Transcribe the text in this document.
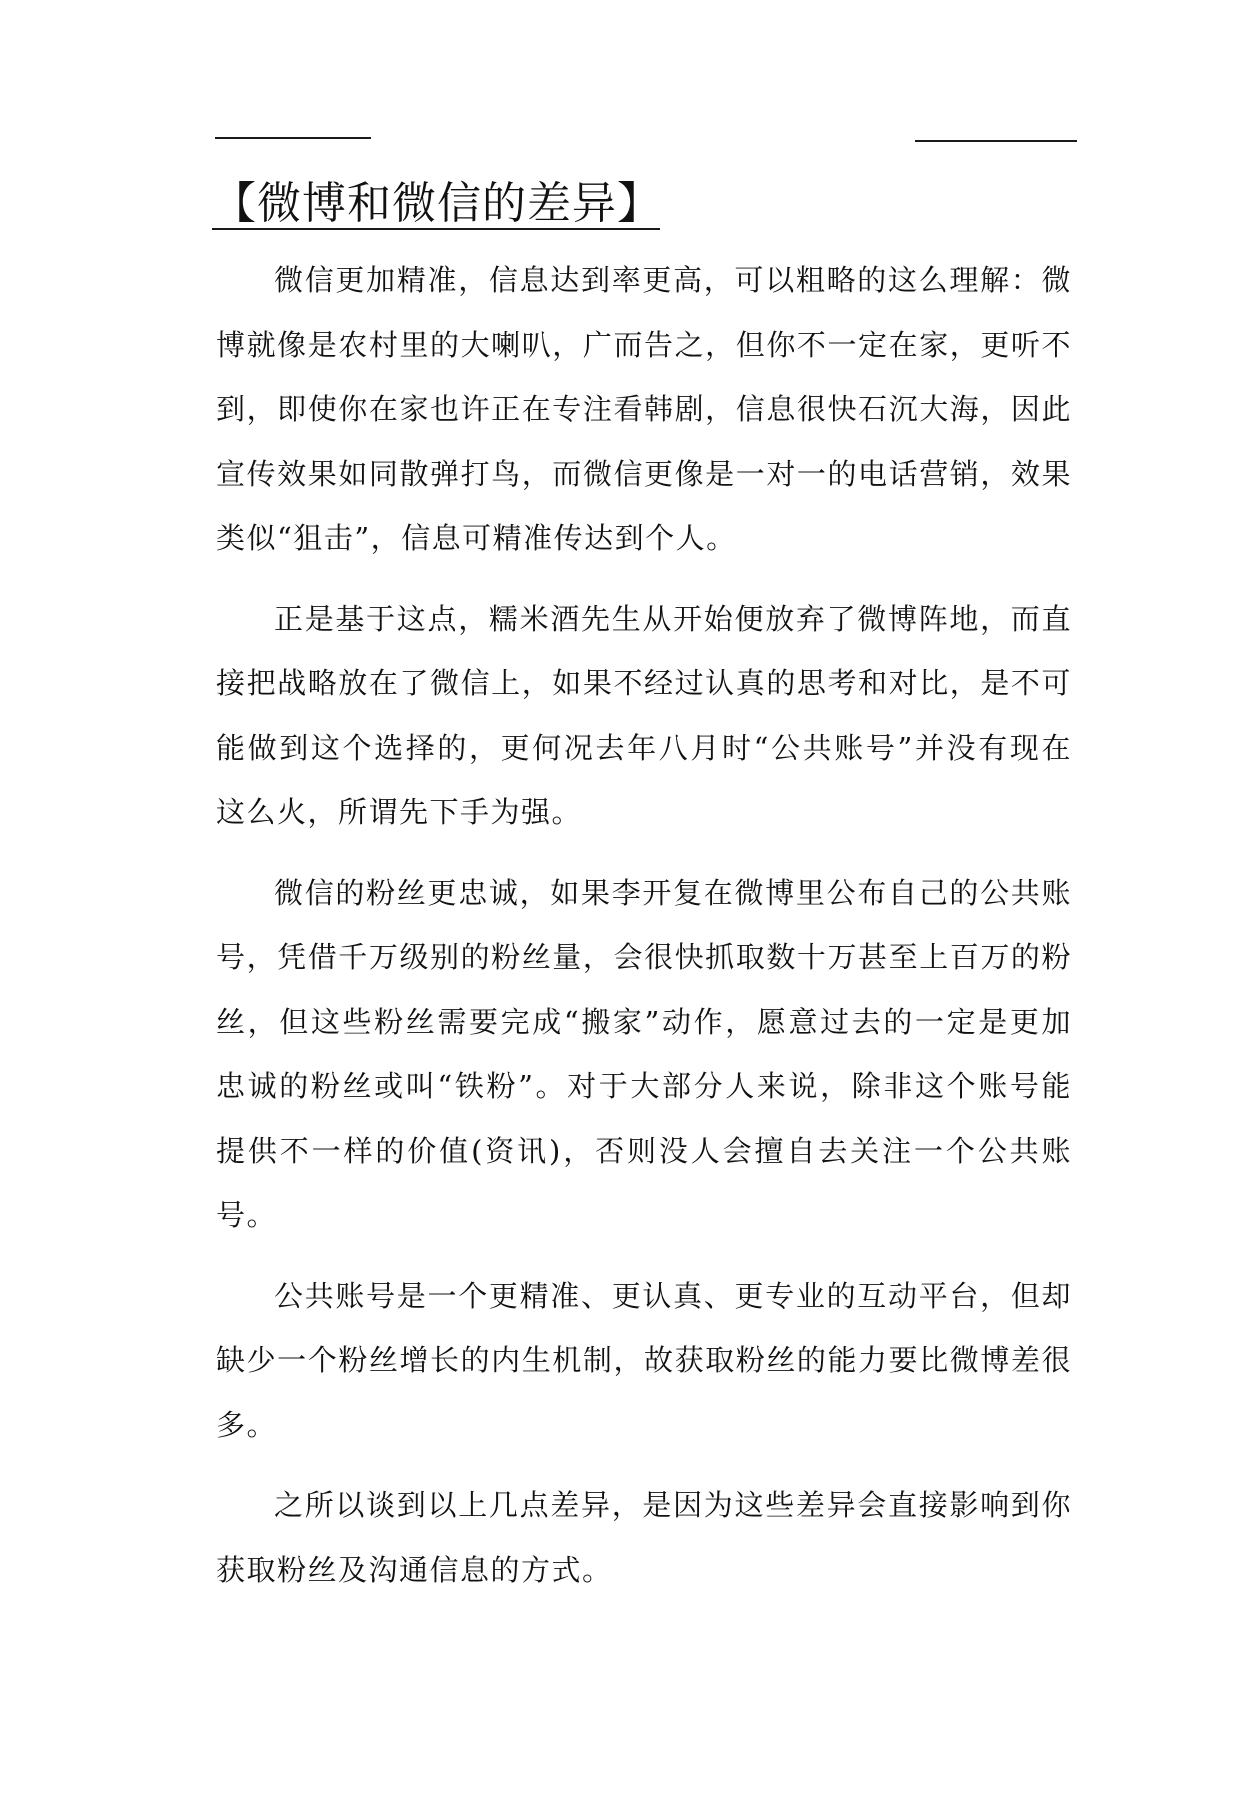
【微博和微信的差异】

微信更加精准，信息达到率更高，可以粗略的这么理解：微博就像是农村里的大喇叭，广而告之，但你不一定在家，更听不到，即使你在家也许正在专注看韩剧，信息很快石沉大海，因此宣传效果如同散弹打鸟，而微信更像是一对一的电话营销，效果类似“狙击”，信息可精准传达到个人。

正是基于这点，糯米酒先生从开始便放弃了微博阵地，而直接把战略放在了微信上，如果不经过认真的思考和对比，是不可能做到这个选择的，更何况去年八月时“公共账号”并没有现在这么火，所谓先下手为强。

微信的粉丝更忠诚，如果李开复在微博里公布自己的公共账号，凭借千万级别的粉丝量，会很快抓取数十万甚至上百万的粉丝，但这些粉丝需要完成“搬家”动作，愿意过去的一定是更加忠诚的粉丝或叫“铁粉”。对于大部分人来说，除非这个账号能提供不一样的价值(资讯)，否则没人会擅自去关注一个公共账号。

公共账号是一个更精准、更认真、更专业的互动平台，但却缺少一个粉丝增长的内生机制，故获取粉丝的能力要比微博差很多。

之所以谈到以上几点差异，是因为这些差异会直接影响到你获取粉丝及沟通信息的方式。
